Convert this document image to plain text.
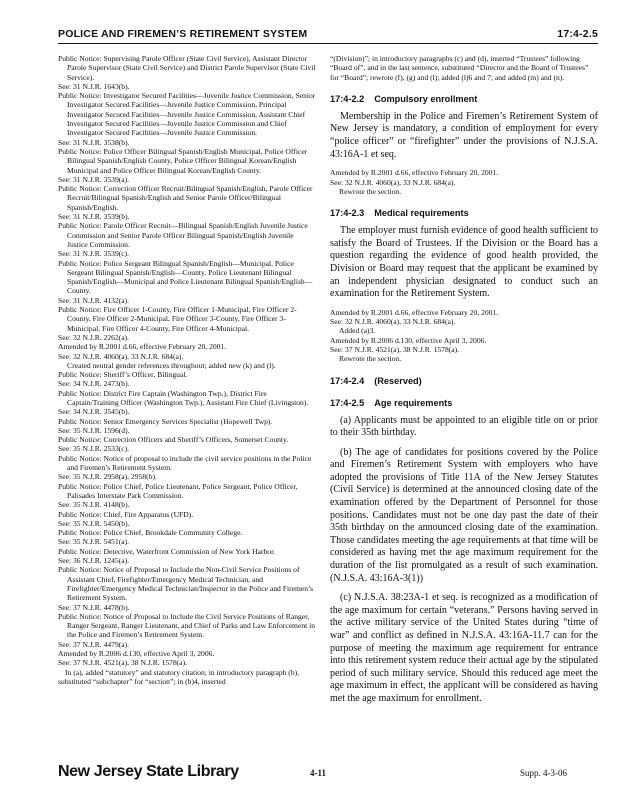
POLICE AND FIREMEN’S RETIREMENT SYSTEM	17:4-2.5

Public Notice: Supervising Parole Officer (State Civil Service), Assistant Director Parole Supervisor (State Civil Service) and District Parole Supervisor (State Civil Service).

See: 31 N.J.R. 1643(b).

Public Notice: Investigator Secured Facilities—Juvenile Justice Commission, Senior Investigator Secured Facilities—Juvenile Justice Commission, Principal Investigator Secured Facilities—Juvenile Justice Commission, Assistant Chief Investigator Secured Facilities—Juvenile Justice Commission and Chief Investigator Secured Facilities—Juvenile Justice Commission.

See: 31 N.J.R. 3538(b).

Public Notice: Police Officer Bilingual Spanish/English Municipal, Police Officer Bilingual Spanish/English County, Police Officer Bilingual Korean/English Municipal and Police Officer Bilingual Korean/English County.

See: 31 N.J.R. 3539(a).

Public Notice: Correction Officer Recruit/Bilingual Spanish/English, Parole Officer Recruit/Bilingual Spanish/English and Senior Parole Officer/Bilingual Spanish/English.

See: 31 N.J.R. 3539(b).

Public Notice: Parole Officer Recruit—Bilingual Spanish/English Juvenile Justice Commission and Senior Parole Officer Bilingual Spanish/English Juvenile Justice Commission.

See: 31 N.J.R. 3539(c).

Public Notice: Police Sergeant Bilingual Spanish/English—Municipal, Police Sergeant Bilingual Spanish/English—County, Police Lieutenant Bilingual Spanish/English—Municipal and Police Lieutenant Bilingual Spanish/English—County.

See: 31 N.J.R. 4132(a).

Public Notice: Fire Officer 1-County, Fire Officer 1-Municipal, Fire Officer 2-County, Fire Officer 2-Municipal, Fire Officer 3-County, Fire Officer 3-Municipal, Fire Officer 4-County, Fire Officer 4-Municipal.

See: 32 N.J.R. 2262(a).

Amended by R.2001 d.66, effective February 20, 2001.

See: 32 N.J.R. 4060(a), 33 N.J.R. 684(a).

Created neutral gender references throughout; added new (k) and (l).

Public Notice: Sheriff’s Officer, Bilingual.

See: 34 N.J.R. 2473(b).

Public Notice: District Fire Captain (Washington Twp.), District Fire Captain/Training Officer (Washington Twp.), Assistant Fire Chief (Livingston).

See: 34 N.J.R. 3545(b).

Public Notice: Senior Emergency Services Specialist (Hopewell Twp).

See: 35 N.J.R. 1596(d).

Public Notice: Correction Officers and Sheriff’s Officers, Somerset County.

See: 35 N.J.R. 2533(c).

Public Notice: Notice of proposal to include the civil service positions in the Police and Firemen’s Retirement System.

See: 35 N.J.R. 2958(a), 2958(b).

Public Notice: Police Chief, Police Lieutenant, Police Sergeant, Police Officer, Palisades Interstate Park Commission.

See: 35 N.J.R. 4148(b).

Public Notice: Chief, Fire Apparatus (UFD).

See: 35 N.J.R. 5450(b).

Public Notice: Police Chief, Brookdale Community College.

See: 35 N.J.R. 5451(a).

Public Notice: Detective, Waterfront Commission of New York Harbor.

See: 36 N.J.R. 1245(a).

Public Notice: Notice of Proposal to Include the Non-Civil Service Positions of Assistant Chief, Firefighter/Emergency Medical Technician, and Firefighter/Emergency Medical Technician/Inspector in the Police and Firemen’s Retirement System.

See: 37 N.J.R. 4478(b).

Public Notice: Notice of Proposal to Include the Civil Service Positions of Ranger, Ranger Sergeant, Ranger Lieutenant, and Chief of Parks and Law Enforcement in the Police and Firemen’s Retirement System.

See: 37 N.J.R. 4479(a).

Amended by R.2006 d.130, effective April 3, 2006.

See: 37 N.J.R. 4521(a), 38 N.J.R. 1578(a).

In (a), added “statutory” and statutory citation; in introductory paragraph (b), substituted “subchapter” for “section”; in (b)4, inserted

“(Division)”; in introductory paragraphs (c) and (d), inserted “Trustees” following “Board of”, and in the last sentence, substituted “Director and the Board of Trustees” for “Board”; rewrote (f), (g) and (l); added (l)6 and 7; and added (m) and (n).

17:4-2.2 Compulsory enrollment

Membership in the Police and Firemen’s Retirement System of New Jersey is mandatory, a condition of employment for every “police officer” or “firefighter” under the provisions of N.J.S.A. 43:16A-1 et seq.

Amended by R.2001 d.66, effective February 20, 2001.

See: 32 N.J.R. 4060(a), 33 N.J.R. 684(a).

Rewrote the section.

17:4-2.3 Medical requirements

The employer must furnish evidence of good health sufficient to satisfy the Board of Trustees. If the Division or the Board has a question regarding the evidence of good health provided, the Division or Board may request that the applicant be examined by an independent physician designated to conduct such an examination for the Retirement System.

Amended by R.2001 d.66, effective February 20, 2001.

See: 32 N.J.R. 4060(a), 33 N.J.R. 684(a).

Added (a)3.

Amended by R.2006 d.130, effective April 3, 2006.

See: 37 N.J.R. 4521(a), 38 N.J.R. 1578(a).

Rewrote the section.

17:4-2.4 (Reserved)

17:4-2.5 Age requirements

(a) Applicants must be appointed to an eligible title on or prior to their 35th birthday.

(b) The age of candidates for positions covered by the Police and Firemen’s Retirement System with employers who have adopted the provisions of Title 11A of the New Jersey Statutes (Civil Service) is determined at the announced closing date of the examination offered by the Department of Personnel for those positions. Candidates must not be one day past the date of their 35th birthday on the announced closing date of the examination. Those candidates meeting the age requirements at that time will be considered as having met the age maximum requirement for the duration of the list promulgated as a result of such examination. (N.J.S.A. 43:16A-3(1))

(c) N.J.S.A. 38:23A-1 et seq. is recognized as a modification of the age maximum for certain “veterans.” Persons having served in the active military service of the United States during “time of war” and conflict as defined in N.J.S.A. 43:16A-11.7 can for the purpose of meeting the maximum age requirement for entrance into this retirement system reduce their actual age by the stipulated period of such military service. Should this reduced age meet the age maximum in effect, the applicant will be considered as having met the age maximum for enrollment.

New Jersey State Library	4-11	Supp. 4-3-06
